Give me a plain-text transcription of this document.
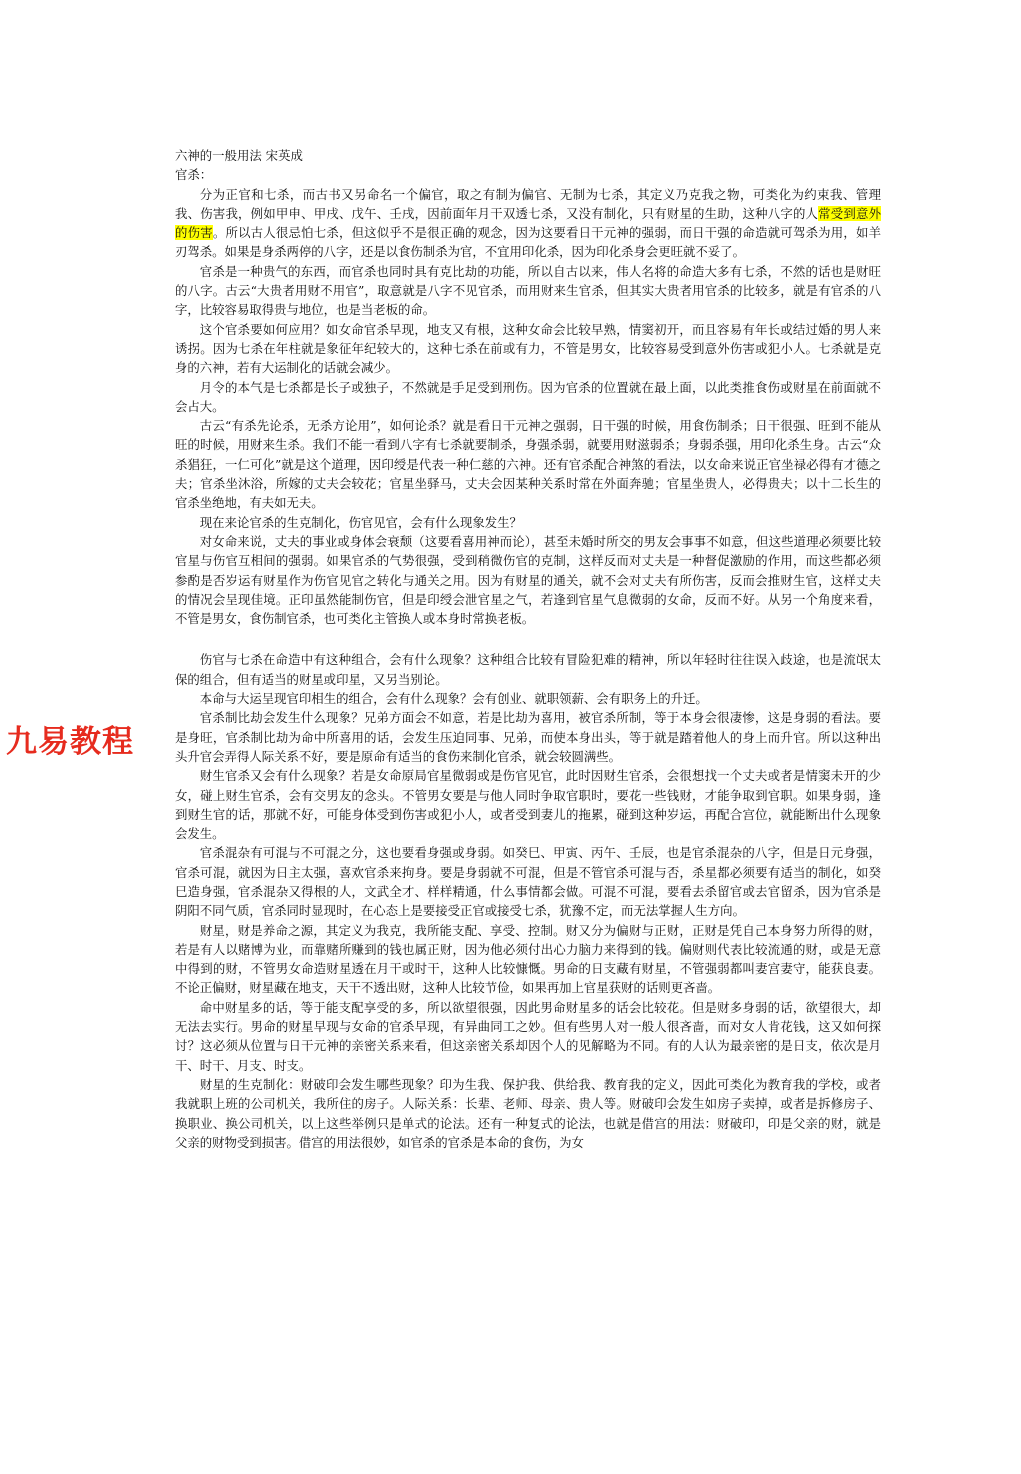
六神的一般用法 宋英成

官杀：

分为正官和七杀，而古书又另命名一个偏官，取之有制为偏官、无制为七杀，其定义乃克我之物，可类化为约束我、管理我、伤害我，例如甲申、甲戌、戊午、壬戌，因前面年月干双透七杀，又没有制化，只有财星的生助，这种八字的人常受到意外的伤害。所以古人很忌怕七杀，但这似乎不是很正确的观念，因为这要看日干元神的强弱，而日干强的命造就可驾杀为用，如羊刃驾杀。如果是身杀两停的八字，还是以食伤制杀为官，不宜用印化杀，因为印化杀身会更旺就不妥了。

官杀是一种贵气的东西，而官杀也同时具有克比劫的功能，所以自古以来，伟人名将的命造大多有七杀，不然的话也是财旺的八字。古云“大贵者用财不用官”，取意就是八字不见官杀，而用财来生官杀，但其实大贵者用官杀的比较多，就是有官杀的八字，比较容易取得贵与地位，也是当老板的命。

这个官杀要如何应用？如女命官杀早现，地支又有根，这种女命会比较早熟，情窦初开，而且容易有年长或结过婚的男人来诱拐。因为七杀在年柱就是象征年纪较大的，这种七杀在前或有力，不管是男女，比较容易受到意外伤害或犯小人。七杀就是克身的六神，若有大运制化的话就会减少。

月令的本气是七杀都是长子或独子，不然就是手足受到刑伤。因为官杀的位置就在最上面，以此类推食伤或财星在前面就不会占大。

古云“有杀先论杀，无杀方论用”，如何论杀？就是看日干元神之强弱，日干强的时候，用食伤制杀；日干很强、旺到不能从旺的时候，用财来生杀。我们不能一看到八字有七杀就要制杀，身强杀弱，就要用财滋弱杀；身弱杀强，用印化杀生身。古云“众杀猖狂，一仁可化”就是这个道理，因印绶是代表一种仁慈的六神。还有官杀配合神煞的看法，以女命来说正官坐禄必得有才德之夫；官杀坐沐浴，所嫁的丈夫会较花；官星坐驿马，丈夫会因某种关系时常在外面奔驰；官星坐贵人，必得贵夫；以十二长生的官杀坐绝地，有夫如无夫。

现在来论官杀的生克制化，伤官见官，会有什么现象发生？

对女命来说，丈夫的事业或身体会衰颓（这要看喜用神而论），甚至未婚时所交的男友会事事不如意，但这些道理必须要比较官星与伤官互相间的强弱。如果官杀的气势很强，受到稍微伤官的克制，这样反而对丈夫是一种督促激励的作用，而这些都必须参酌是否岁运有财星作为伤官见官之转化与通关之用。因为有财星的通关，就不会对丈夫有所伤害，反而会推财生官，这样丈夫的情况会呈现佳境。正印虽然能制伤官，但是印绶会泄官星之气，若逢到官星气息微弱的女命，反而不好。从另一个角度来看，不管是男女，食伤制官杀，也可类化主管换人或本身时常换老板。

伤官与七杀在命造中有这种组合，会有什么现象？这种组合比较有冒险犯难的精神，所以年轻时往往误入歧途，也是流氓太保的组合，但有适当的财星或印星，又另当别论。

本命与大运呈现官印相生的组合，会有什么现象？会有创业、就职领薪、会有职务上的升迁。

官杀制比劫会发生什么现象？兄弟方面会不如意，若是比劫为喜用，被官杀所制，等于本身会很凄惨，这是身弱的看法。要是身旺，官杀制比劫为命中所喜用的话，会发生压迫同事、兄弟，而使本身出头，等于就是踏着他人的身上而升官。所以这种出头升官会弄得人际关系不好，要是原命有适当的食伤来制化官杀，就会较圆满些。

财生官杀又会有什么现象？若是女命原局官星微弱或是伤官见官，此时因财生官杀，会很想找一个丈夫或者是情窦未开的少女，碰上财生官杀，会有交男友的念头。不管男女要是与他人同时争取官职时，要花一些钱财，才能争取到官职。如果身弱，逢到财生官的话，那就不好，可能身体受到伤害或犯小人，或者受到妻儿的拖累，碰到这种岁运，再配合宫位，就能断出什么现象会发生。

官杀混杂有可混与不可混之分，这也要看身强或身弱。如癸巳、甲寅、丙午、壬辰，也是官杀混杂的八字，但是日元身强，官杀可混，就因为日主太强，喜欢官杀来拘身。要是身弱就不可混，但是不管官杀可混与否，杀星都必须要有适当的制化，如癸巳造身强，官杀混杂又得根的人，文武全才、样样精通，什么事情都会做。可混不可混，要看去杀留官或去官留杀，因为官杀是阴阳不同气质，官杀同时显现时，在心态上是要接受正官或接受七杀，犹豫不定，而无法掌握人生方向。

财星，财是养命之源，其定义为我克，我所能支配、享受、控制。财又分为偏财与正财，正财是凭自己本身努力所得的财，若是有人以赌博为业，而靠赌所赚到的钱也属正财，因为他必须付出心力脑力来得到的钱。偏财则代表比较流通的财，或是无意中得到的财，不管男女命造财星透在月干或时干，这种人比较慷慨。男命的日支藏有财星，不管强弱都叫妻宫妻守，能获良妻。不论正偏财，财星藏在地支，天干不透出财，这种人比较节俭，如果再加上官星获财的话则更吝啬。

命中财星多的话，等于能支配享受的多，所以欲望很强，因此男命财星多的话会比较花。但是财多身弱的话，欲望很大，却无法去实行。男命的财星早现与女命的官杀早现，有异曲同工之妙。但有些男人对一般人很吝啬，而对女人肯花钱，这又如何探讨？这必须从位置与日干元神的亲密关系来看，但这亲密关系却因个人的见解略为不同。有的人认为最亲密的是日支，依次是月干、时干、月支、时支。

财星的生克制化：财破印会发生哪些现象？印为生我、保护我、供给我、教育我的定义，因此可类化为教育我的学校，或者我就职上班的公司机关，我所住的房子。人际关系：长辈、老师、母亲、贵人等。财破印会发生如房子卖掉，或者是拆修房子、换职业、换公司机关，以上这些举例只是单式的论法。还有一种复式的论法，也就是借宫的用法：财破印，印是父亲的财，就是父亲的财物受到损害。借宫的用法很妙，如官杀的官杀是本命的食伤，为女

九易教程
